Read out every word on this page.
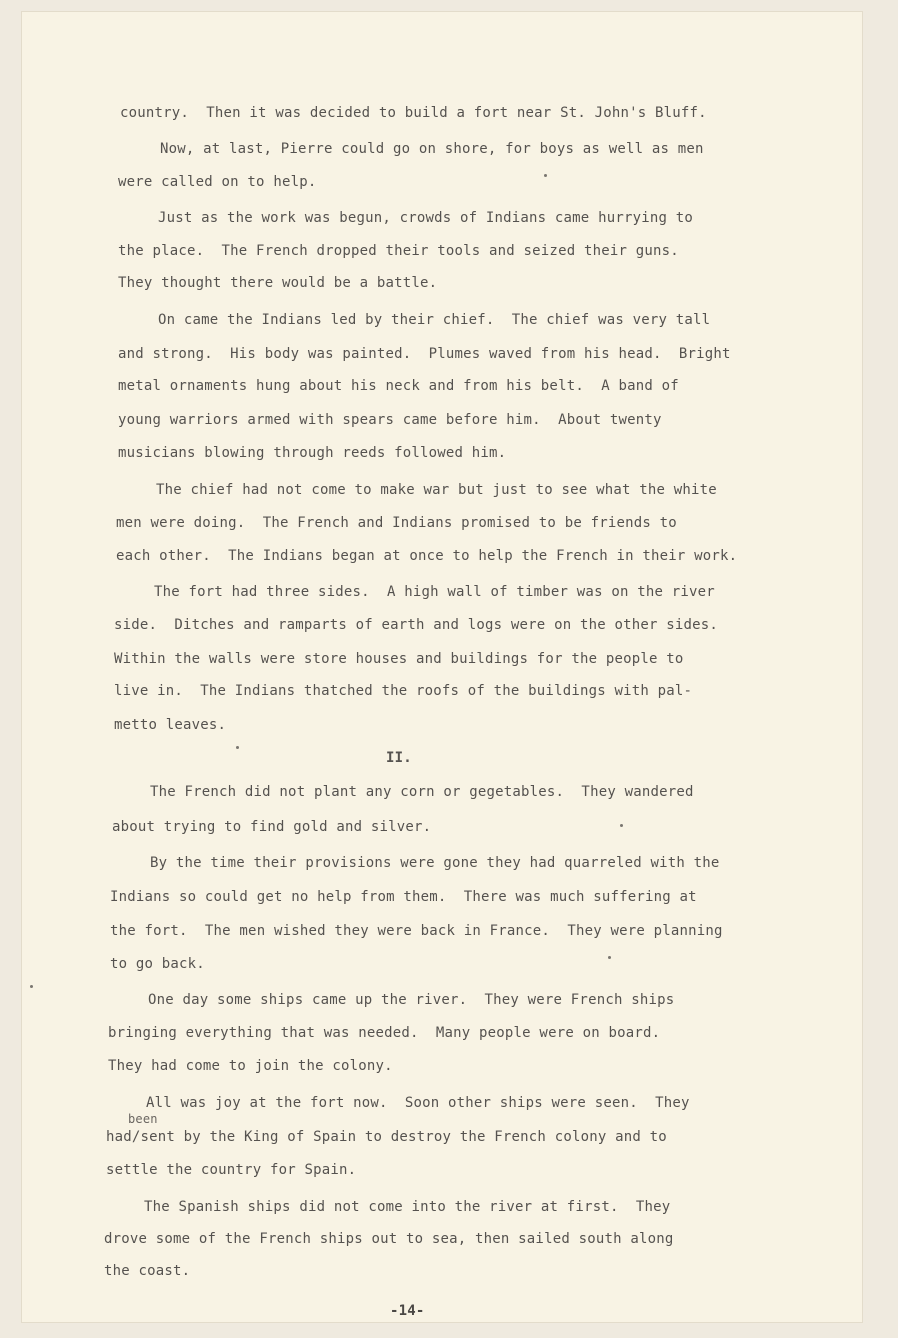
country.  Then it was decided to build a fort near St. John's Bluff.
Now, at last, Pierre could go on shore, for boys as well as men
were called on to help.
Just as the work was begun, crowds of Indians came hurrying to
the place.  The French dropped their tools and seized their guns.
They thought there would be a battle.
On came the Indians led by their chief.  The chief was very tall
and strong.  His body was painted.  Plumes waved from his head.  Bright
metal ornaments hung about his neck and from his belt.  A band of
young warriors armed with spears came before him.  About twenty
musicians blowing through reeds followed him.
The chief had not come to make war but just to see what the white
men were doing.  The French and Indians promised to be friends to
each other.  The Indians began at once to help the French in their work.
The fort had three sides.  A high wall of timber was on the river
side.  Ditches and ramparts of earth and logs were on the other sides.
Within the walls were store houses and buildings for the people to
live in.  The Indians thatched the roofs of the buildings with pal-
metto leaves.
II.
The French did not plant any corn or gegetables.  They wandered
about trying to find gold and silver.
By the time their provisions were gone they had quarreled with the
Indians so could get no help from them.  There was much suffering at
the fort.  The men wished they were back in France.  They were planning
to go back.
One day some ships came up the river.  They were French ships
bringing everything that was needed.  Many people were on board.
They had come to join the colony.
All was joy at the fort now.  Soon other ships were seen.  They
been
had/sent by the King of Spain to destroy the French colony and to
settle the country for Spain.
The Spanish ships did not come into the river at first.  They
drove some of the French ships out to sea, then sailed south along
the coast.
-14-
